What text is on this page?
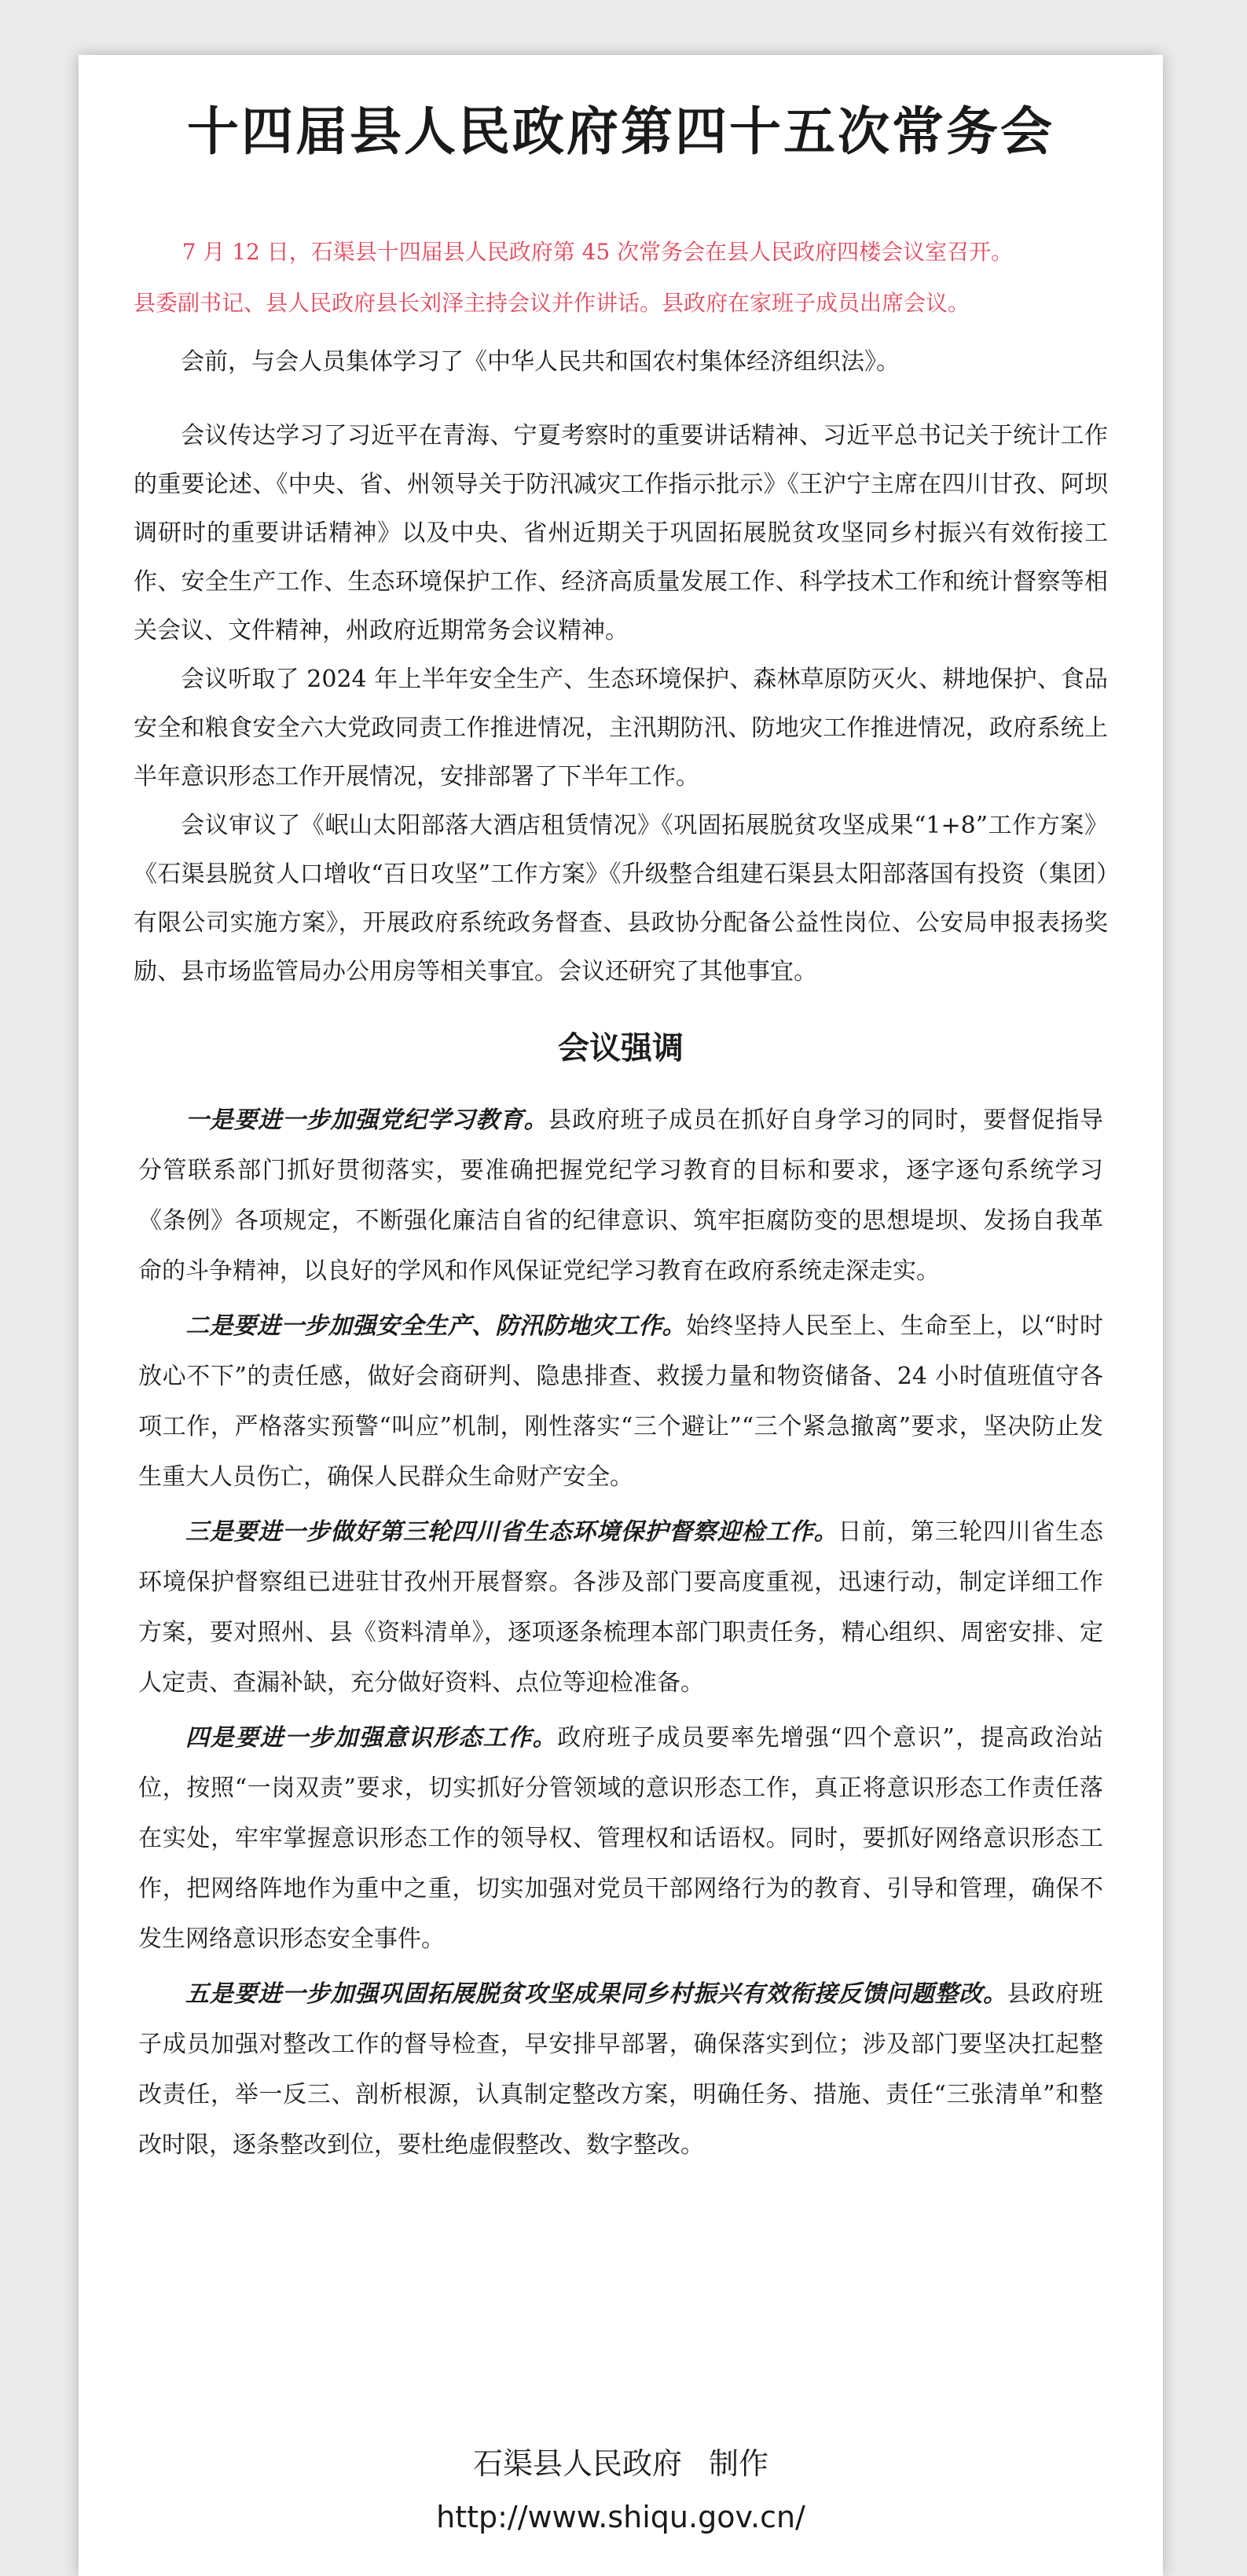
十四届县人民政府第四十五次常务会

7 月 12 日，石渠县十四届县人民政府第 45 次常务会在县人民政府四楼会议室召开。

县委副书记、县人民政府县长刘泽主持会议并作讲话。县政府在家班子成员出席会议。

会前，与会人员集体学习了《中华人民共和国农村集体经济组织法》。

会议传达学习了习近平在青海、宁夏考察时的重要讲话精神、习近平总书记关于统计工作的重要论述、《中央、省、州领导关于防汛减灾工作指示批示》《王沪宁主席在四川甘孜、阿坝调研时的重要讲话精神》以及中央、省州近期关于巩固拓展脱贫攻坚同乡村振兴有效衔接工作、安全生产工作、生态环境保护工作、经济高质量发展工作、科学技术工作和统计督察等相关会议、文件精神，州政府近期常务会议精神。

会议听取了 2024 年上半年安全生产、生态环境保护、森林草原防灭火、耕地保护、食品安全和粮食安全六大党政同责工作推进情况，主汛期防汛、防地灾工作推进情况，政府系统上半年意识形态工作开展情况，安排部署了下半年工作。

会议审议了《岷山太阳部落大酒店租赁情况》《巩固拓展脱贫攻坚成果“1+8”工作方案》《石渠县脱贫人口增收“百日攻坚”工作方案》《升级整合组建石渠县太阳部落国有投资（集团）有限公司实施方案》，开展政府系统政务督查、县政协分配备公益性岗位、公安局申报表扬奖励、县市场监管局办公用房等相关事宜。会议还研究了其他事宜。

会议强调

一是要进一步加强党纪学习教育。县政府班子成员在抓好自身学习的同时，要督促指导分管联系部门抓好贯彻落实，要准确把握党纪学习教育的目标和要求，逐字逐句系统学习《条例》各项规定，不断强化廉洁自省的纪律意识、筑牢拒腐防变的思想堤坝、发扬自我革命的斗争精神，以良好的学风和作风保证党纪学习教育在政府系统走深走实。

二是要进一步加强安全生产、防汛防地灾工作。始终坚持人民至上、生命至上，以“时时放心不下”的责任感，做好会商研判、隐患排查、救援力量和物资储备、24 小时值班值守各项工作，严格落实预警“叫应”机制，刚性落实“三个避让”“三个紧急撤离”要求，坚决防止发生重大人员伤亡，确保人民群众生命财产安全。

三是要进一步做好第三轮四川省生态环境保护督察迎检工作。日前，第三轮四川省生态环境保护督察组已进驻甘孜州开展督察。各涉及部门要高度重视，迅速行动，制定详细工作方案，要对照州、县《资料清单》，逐项逐条梳理本部门职责任务，精心组织、周密安排、定人定责、查漏补缺，充分做好资料、点位等迎检准备。

四是要进一步加强意识形态工作。政府班子成员要率先增强“四个意识”，提高政治站位，按照“一岗双责”要求，切实抓好分管领域的意识形态工作，真正将意识形态工作责任落在实处，牢牢掌握意识形态工作的领导权、管理权和话语权。同时，要抓好网络意识形态工作，把网络阵地作为重中之重，切实加强对党员干部网络行为的教育、引导和管理，确保不发生网络意识形态安全事件。

五是要进一步加强巩固拓展脱贫攻坚成果同乡村振兴有效衔接反馈问题整改。县政府班子成员加强对整改工作的督导检查，早安排早部署，确保落实到位；涉及部门要坚决扛起整改责任，举一反三、剖析根源，认真制定整改方案，明确任务、措施、责任“三张清单”和整改时限，逐条整改到位，要杜绝虚假整改、数字整改。

石渠县人民政府 制作
http://www.shiqu.gov.cn/
